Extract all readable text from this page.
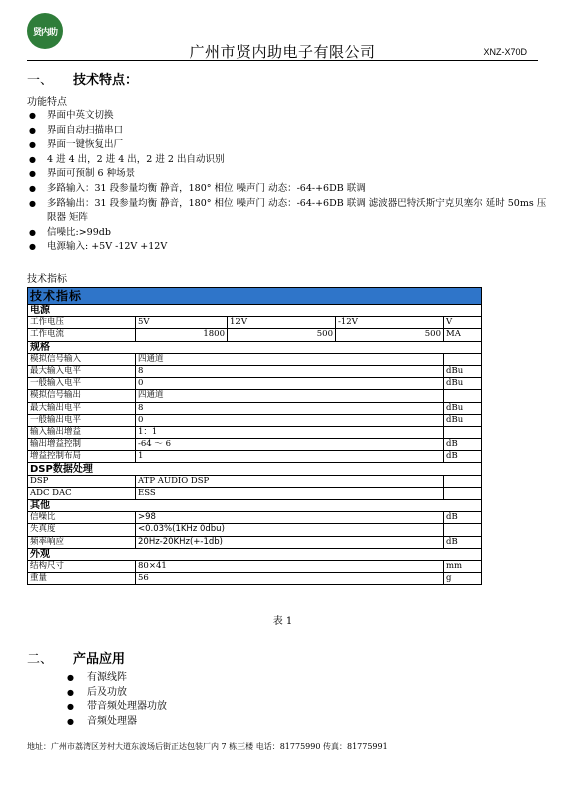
贤内助
广州市贤内助电子有限公司	XNZ-X70D
一、 技术特点：
功能特点
● 界面中英文切换
● 界面自动扫描串口
● 界面一键恢复出厂
● 4 进 4 出，2 进 4 出，2 进 2 出自动识别
● 界面可预制 6 种场景
● 多路输入：31 段参量均衡 静音，180° 相位 噪声门 动态：-64-+6DB 联调
● 多路输出：31 段参量均衡 静音，180° 相位 噪声门 动态：-64-+6DB 联调 滤波器巴特沃斯宁克贝塞尔 延时 50ms 压限器 矩阵
● 信噪比:>99db
● 电源输入: +5V -12V +12V
技术指标
技术指标				
电源				
工作电压	5V	12V	-12V	V
工作电流	1800	500	500	MA
规格				
模拟信号输入	四通道			
最大输入电平	8			dBu
一般输入电平	0			dBu
模拟信号输出	四通道			
最大输出电平	8			dBu
一般输出电平	0			dBu
输入输出增益	1：1			
输出增益控制	-64 ～ 6			dB
增益控制布局	1			dB
DSP数据处理				
DSP	ATP AUDIO DSP			
ADC DAC	ESS			
其他				
信噪比	>98			dB
失真度	<0.03%(1KHz 0dbu)			
频率响应	20Hz-20KHz(+-1db)			dB
外观				
结构尺寸	80×41			mm
重量	56			g
表 1
二、 产品应用
● 有源线阵
● 后及功放
● 带音频处理器功放
● 音频处理器
地址：广州市荔湾区芳村大道东波场后街正达包装厂内 7 栋三楼 电话：81775990 传真：81775991
